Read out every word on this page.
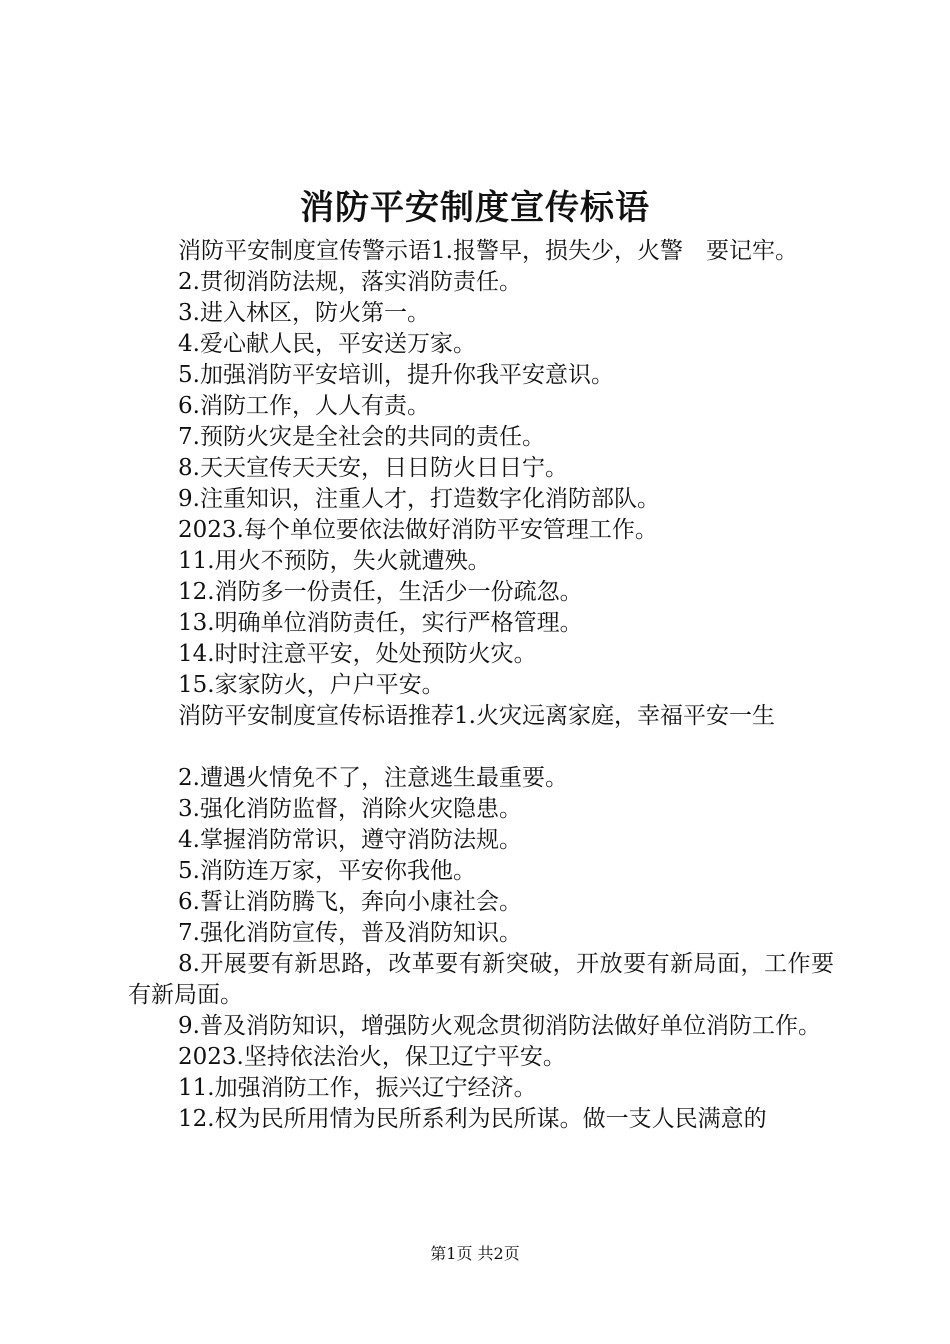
消防平安制度宣传标语

消防平安制度宣传警示语1.报警早，损失少，火警　要记牢。

2.贯彻消防法规，落实消防责任。

3.进入林区，防火第一。

4.爱心献人民，平安送万家。

5.加强消防平安培训，提升你我平安意识。

6.消防工作，人人有责。

7.预防火灾是全社会的共同的责任。

8.天天宣传天天安，日日防火日日宁。

9.注重知识，注重人才，打造数字化消防部队。

2023.每个单位要依法做好消防平安管理工作。

11.用火不预防，失火就遭殃。

12.消防多一份责任，生活少一份疏忽。

13.明确单位消防责任，实行严格管理。

14.时时注意平安，处处预防火灾。

15.家家防火，户户平安。

消防平安制度宣传标语推荐1.火灾远离家庭，幸福平安一生

2.遭遇火情免不了，注意逃生最重要。

3.强化消防监督，消除火灾隐患。

4.掌握消防常识，遵守消防法规。

5.消防连万家，平安你我他。

6.誓让消防腾飞，奔向小康社会。

7.强化消防宣传，普及消防知识。

8.开展要有新思路，改革要有新突破，开放要有新局面，工作要有新局面。

9.普及消防知识，增强防火观念贯彻消防法做好单位消防工作。

2023.坚持依法治火，保卫辽宁平安。

11.加强消防工作，振兴辽宁经济。

12.权为民所用情为民所系利为民所谋。做一支人民满意的

第1页 共2页
